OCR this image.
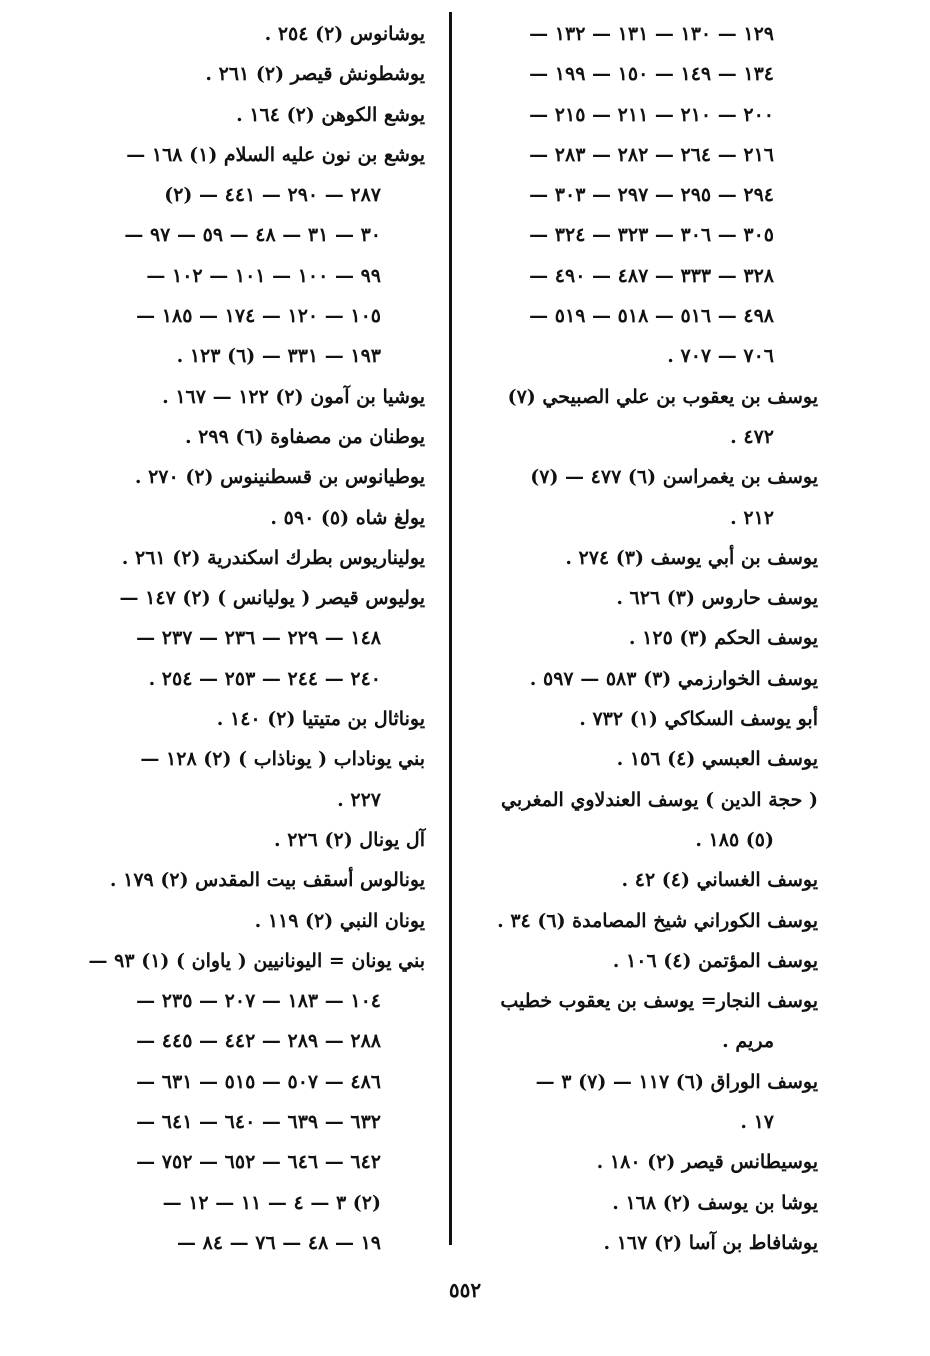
١٢٩ — ١٣٠ — ١٣١ — ١٣٢ —
١٣٤ — ١٤٩ — ١٥٠ — ١٩٩ —
٢٠٠ — ٢١٠ — ٢١١ — ٢١٥ —
٢١٦ — ٢٦٤ — ٢٨٢ — ٢٨٣ —
٢٩٤ — ٢٩٥ — ٢٩٧ — ٣٠٣ —
٣٠٥ — ٣٠٦ — ٣٢٣ — ٣٢٤ —
٣٢٨ — ٣٣٣ — ٤٨٧ — ٤٩٠ —
٤٩٨ — ٥١٦ — ٥١٨ — ٥١٩ —
٧٠٦ — ٧٠٧ .
يوسف بن يعقوب بن علي الصبيحي (٧)
٤٧٢ .
يوسف بن يغمراسن (٦) ٤٧٧ — (٧)
٢١٢ .
يوسف بن أبي يوسف (٣) ٢٧٤ .
يوسف حاروس (٣) ٦٢٦ .
يوسف الحكم (٣) ١٢٥ .
يوسف الخوارزمي (٣) ٥٨٣ — ٥٩٧ .
أبو يوسف السكاكي (١) ٧٣٢ .
يوسف العبسي (٤) ١٥٦ .
( حجة الدين ) يوسف العندلاوي المغربي
(٥) ١٨٥ .
يوسف الغساني (٤) ٤٢ .
يوسف الكوراني شيخ المصامدة (٦) ٣٤ .
يوسف المؤتمن (٤) ١٠٦ .
يوسف النجار= يوسف بن يعقوب خطيب
مريم .
يوسف الوراق (٦) ١١٧ — (٧) ٣ —
١٧ .
يوسيطانس قيصر (٢) ١٨٠ .
يوشا بن يوسف (٢) ١٦٨ .
يوشافاط بن آسا (٢) ١٦٧ .
يوشانوس (٢) ٢٥٤ .
يوشطونش قيصر (٢) ٢٦١ .
يوشع الكوهن (٢) ١٦٤ .
يوشع بن نون عليه السلام (١) ١٦٨ —
٢٨٧ — ٢٩٠ — ٤٤١ — (٢)
٣٠ — ٣١ — ٤٨ — ٥٩ — ٩٧ —
٩٩ — ١٠٠ — ١٠١ — ١٠٢ —
١٠٥ — ١٢٠ — ١٧٤ — ١٨٥ —
١٩٣ — ٣٣١ — (٦) ١٢٣ .
يوشيا بن آمون (٢) ١٢٢ — ١٦٧ .
يوطنان من مصفاوة (٦) ٢٩٩ .
يوطيانوس بن قسطنينوس (٢) ٢٧٠ .
يولغ شاه (٥) ٥٩٠ .
يوليناريوس بطرك اسكندرية (٢) ٢٦١ .
يوليوس قيصر ( يوليانس ) (٢) ١٤٧ —
١٤٨ — ٢٢٩ — ٢٣٦ — ٢٣٧ —
٢٤٠ — ٢٤٤ — ٢٥٣ — ٢٥٤ .
يوناثال بن متيتيا (٢) ١٤٠ .
بني يوناداب ( يوناذاب ) (٢) ١٢٨ —
٢٢٧ .
آل يونال (٢) ٢٢٦ .
يونالوس أسقف بيت المقدس (٢) ١٧٩ .
يونان النبي (٢) ١١٩ .
بني يونان = اليونانيين ( ياوان ) (١) ٩٣ —
١٠٤ — ١٨٣ — ٢٠٧ — ٢٣٥ —
٢٨٨ — ٢٨٩ — ٤٤٢ — ٤٤٥ —
٤٨٦ — ٥٠٧ — ٥١٥ — ٦٣١ —
٦٣٢ — ٦٣٩ — ٦٤٠ — ٦٤١ —
٦٤٢ — ٦٤٦ — ٦٥٢ — ٧٥٢ —
(٢) ٣ — ٤ — ١١ — ١٢ —
١٩ — ٤٨ — ٧٦ — ٨٤ —
٥٥٢
